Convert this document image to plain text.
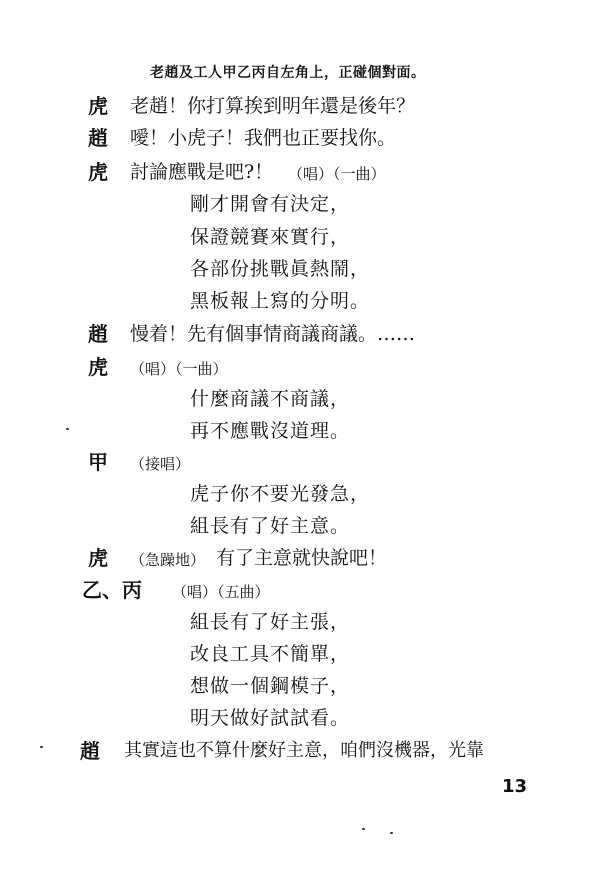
老趙及工人甲乙丙自左角上，正碰個對面。
虎 老趙！你打算挨到明年還是後年？
趙 噯！小虎子！我們也正要找你。
虎 討論應戰是吧?！ （唱）（一曲）
剛才開會有決定，
保證競賽來實行，
各部份挑戰眞熱鬧，
黑板報上寫的分明。
趙 慢着！先有個事情商議商議。……
虎 （唱）（一曲）
什麼商議不商議，
再不應戰沒道理。
甲 （接唱）
虎子你不要光發急，
組長有了好主意。
虎 （急躁地） 有了主意就快說吧！
乙、丙 （唱）（五曲）
組長有了好主張，
改良工具不簡單，
想做一個鋼模子，
明天做好試試看。
趙 其實這也不算什麼好主意，咱們沒機器，光靠
13
